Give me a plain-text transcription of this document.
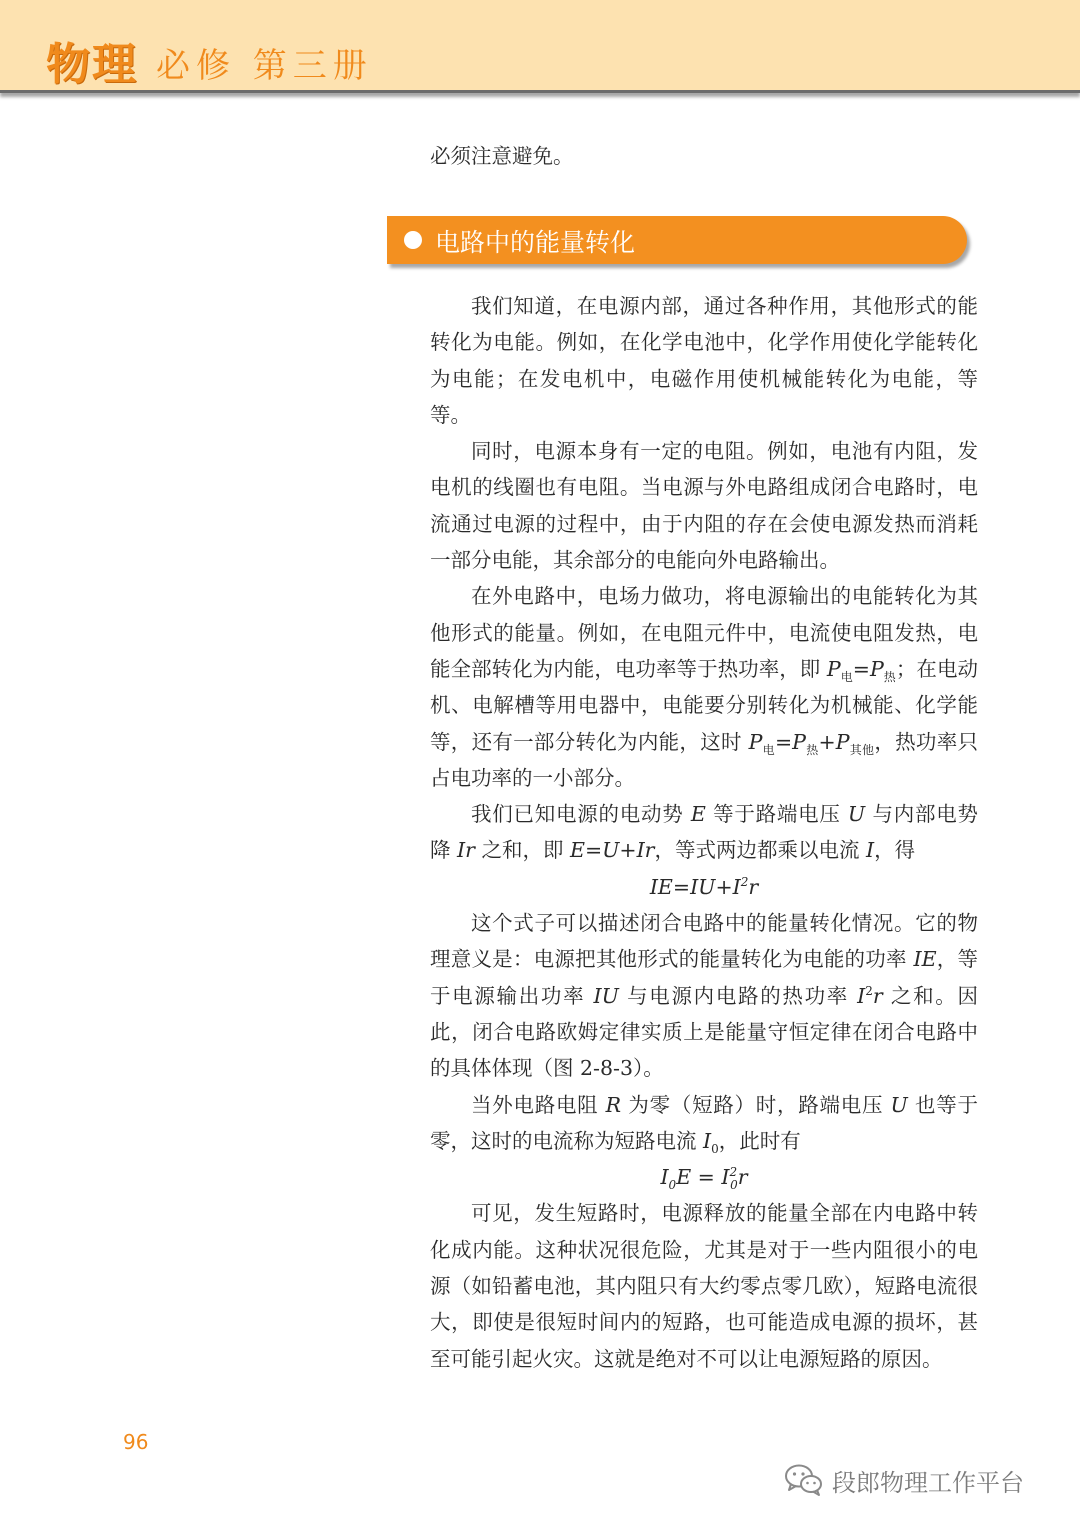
物理 必修 第三册
必须注意避免。
电路中的能量转化

我们知道，在电源内部，通过各种作用，其他形式的能转化为电能。例如，在化学电池中，化学作用使化学能转化为电能；在发电机中，电磁作用使机械能转化为电能，等等。

同时，电源本身有一定的电阻。例如，电池有内阻，发电机的线圈也有电阻。当电源与外电路组成闭合电路时，电流通过电源的过程中，由于内阻的存在会使电源发热而消耗一部分电能，其余部分的电能向外电路输出。

在外电路中，电场力做功，将电源输出的电能转化为其他形式的能量。例如，在电阻元件中，电流使电阻发热，电能全部转化为内能，电功率等于热功率，即 $P_电=P_热$；在电动机、电解槽等用电器中，电能要分别转化为机械能、化学能等，还有一部分转化为内能，这时 $P_电=P_热+P_{其他}$，热功率只占电功率的一小部分。

我们已知电源的电动势 E 等于路端电压 U 与内部电势降 Ir 之和，即 E=U+Ir，等式两边都乘以电流 I，得

$IE=IU+I^2r$

这个式子可以描述闭合电路中的能量转化情况。它的物理意义是：电源把其他形式的能量转化为电能的功率 IE，等于电源输出功率 IU 与电源内电路的热功率 $I^2r$ 之和。因此，闭合电路欧姆定律实质上是能量守恒定律在闭合电路中的具体体现（图 2-8-3）。

当外电路电阻 R 为零（短路）时，路端电压 U 也等于零，这时的电流称为短路电流 $I_0$，此时有

$I_0E = I^2_0r$

可见，发生短路时，电源释放的能量全部在内电路中转化成内能。这种状况很危险，尤其是对于一些内阻很小的电源（如铅蓄电池，其内阻只有大约零点零几欧），短路电流很大，即使是很短时间内的短路，也可能造成电源的损坏，甚至可能引起火灾。这就是绝对不可以让电源短路的原因。

96
段郎物理工作平台
